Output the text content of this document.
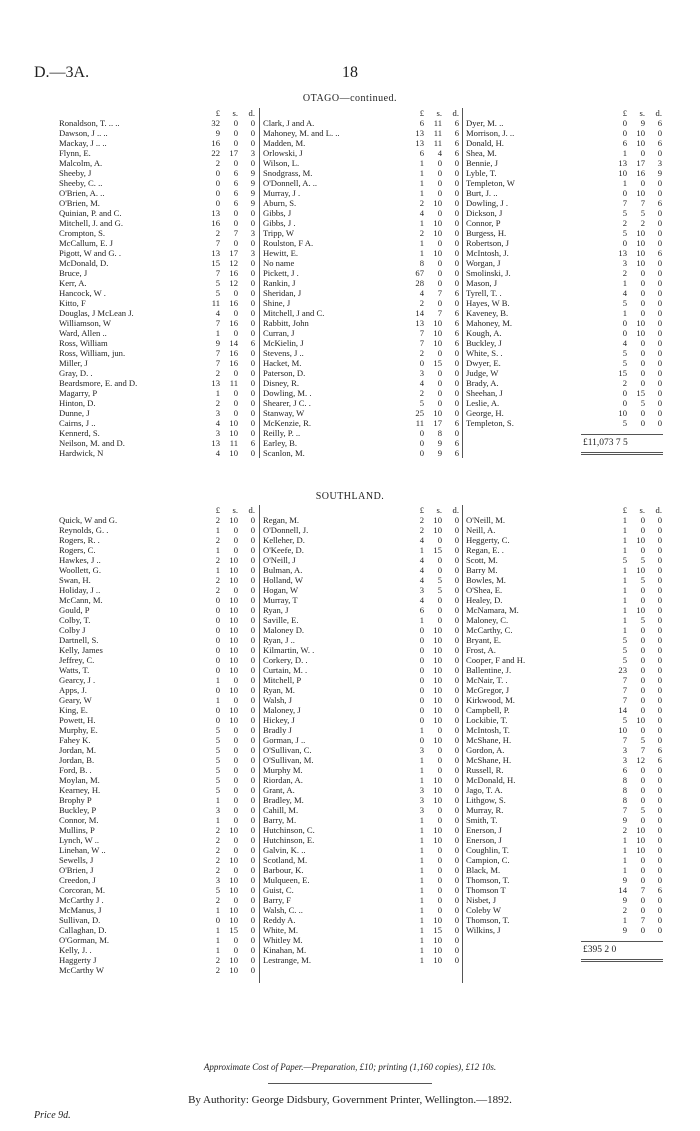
D.—3A.	18
OTAGO—continued.
£	s.	d.
Ronaldson, T. .. ..	32	0	0
Dawson, J .. ..	9	0	0
Mackay, J .. ..	16	0	0
Flynn, E.	22	17	3
Malcolm, A.	2	0	0
Sheeby, J	0	6	9
Sheeby, C. ..	0	6	9
O'Brien, A. ..	0	6	9
O'Brien, M.	0	6	9
Quinian, P. and C.	13	0	0
Mitchell, J. and G.	16	0	0
Crompton, S.	2	7	3
McCallum, E. J	7	0	0
Pigott, W and G. .	13	17	3
McDonald, D.	15	12	0
Bruce, J	7	16	0
Kerr, A.	5	12	0
Hancock, W .	5	0	0
Kitto, F	11	16	0
Douglas, J McLean J.	4	0	0
Williamson, W	7	16	0
Ward, Allen ..	1	0	0
Ross, William	9	14	6
Ross, William, jun.	7	16	0
Miller, J	7	16	0
Gray, D. .	2	0	0
Beardsmore, E. and D.	13	11	0
Magarry, P	1	0	0
Hinton, D.	2	0	0
Dunne, J	3	0	0
Cairns, J ..	4	10	0
Kennerd, S.	3	10	0
Neilson, M. and D.	13	11	6
Hardwick, N	4	10	0
£	s.	d.
Clark, J and A.	6	11	6
Mahoney, M. and L. ..	13	11	6
Madden, M.	13	11	6
Orlowski, J	6	4	6
Wilson, L.	1	0	0
Snodgrass, M.	1	0	0
O'Donnell, A. ..	1	0	0
Murray, J .	1	0	0
Aburn, S.	2	10	0
Gibbs, J	4	0	0
Gibbs, J .	1	10	0
Tripp, W	2	10	0
Roulston, F A.	1	0	0
Hewitt, E.	1	10	0
No name	8	0	0
Pickett, J .	67	0	0
Rankin, J	28	0	0
Sheridan, J	4	7	6
Shine, J	2	0	0
Mitchell, J and C.	14	7	6
Rabbitt, John	13	10	6
Curran, J	7	10	6
McKielin, J	7	10	6
Stevens, J ..	2	0	0
Hacket, M.	0	15	0
Paterson, D.	3	0	0
Disney, R.	4	0	0
Dowling, M. .	2	0	0
Shearer, J C. .	5	0	0
Stanway, W	25	10	0
McKenzie, R.	11	17	6
Reilly, P. ..	0	8	0
Earley, B.	0	9	6
Scanlon, M.	0	9	6
£	s.	d.
Dyer, M. ..	0	9	6
Morrison, J. ..	0	10	0
Donald, H.	6	10	6
Shea, M.	1	0	0
Bennie, J	13	17	3
Lyble, T.	10	16	9
Templeton, W	1	0	0
Burt, J. ..	0	10	0
Dowling, J .	7	7	6
Dickson, J	5	5	0
Connor, P	2	2	0
Burgess, H.	5	10	0
Robertson, J	0	10	0
McIntosh, J.	13	10	6
Worgan, J	3	10	0
Smolinski, J.	2	0	0
Mason, J	1	0	0
Tyrell, T. .	4	0	0
Hayes, W B.	5	0	0
Kaveney, B.	1	0	0
Mahoney, M.	0	10	0
Kough, A.	0	10	0
Buckley, J	4	0	0
White, S. .	5	0	0
Dwyer, E.	5	0	0
Judge, W	15	0	0
Brady, A.	2	0	0
Sheehan, J	0	15	0
Leslie, A.	0	5	0
George, H.	10	0	0
Templeton, S.	5	0	0
£11,073 7 5
SOUTHLAND.
£	s.	d.
Quick, W and G.	2	10	0
Reynolds, G. .	1	0	0
Rogers, R. .	2	0	0
Rogers, C.	1	0	0
Hawkes, J ..	2	10	0
Woollett, G.	1	10	0
Swan, H.	2	10	0
Holiday, J ..	2	0	0
McCann, M.	0	10	0
Gould, P	0	10	0
Colby, T.	0	10	0
Colby J	0	10	0
Dartnell, S.	0	10	0
Kelly, James	0	10	0
Jeffrey, C.	0	10	0
Watts, T.	0	10	0
Gearcy, J .	1	0	0
Apps, J.	0	10	0
Geary, W	1	0	0
King, E.	0	10	0
Powett, H.	0	10	0
Murphy, E.	5	0	0
Fahey K.	5	0	0
Jordan, M.	5	0	0
Jordan, B.	5	0	0
Ford, B. .	5	0	0
Moylan, M.	5	0	0
Kearney, H.	5	0	0
Brophy P	1	0	0
Buckley, P	3	0	0
Connor, M.	1	0	0
Mullins, P	2	10	0
Lynch, W ..	2	0	0
Linehan, W ..	2	0	0
Sewells, J	2	10	0
O'Brien, J	2	0	0
Creedon, J	3	10	0
Corcoran, M.	5	10	0
McCarthy J .	2	0	0
McManus, J	1	10	0
Sullivan, D.	0	10	0
Callaghan, D.	1	15	0
O'Gorman, M.	1	0	0
Kelly, J. .	1	0	0
Haggerty J	2	10	0
McCarthy W	2	10	0
£	s.	d.
Regan, M.	2	10	0
O'Donnell, J.	2	10	0
Kelleher, D.	4	0	0
O'Keefe, D.	1	15	0
O'Neill, J	4	0	0
Bulman, A.	4	0	0
Holland, W	4	5	0
Hogan, W	3	5	0
Murray, T	4	0	0
Ryan, J	6	0	0
Saville, E.	1	0	0
Maloney D.	0	10	0
Ryan, J ..	0	10	0
Kilmartin, W. .	0	10	0
Corkery, D. .	0	10	0
Curtain, M. .	0	10	0
Mitchell, P	0	10	0
Ryan, M.	0	10	0
Walsh, J	0	10	0
Maloney, J	0	10	0
Hickey, J	0	10	0
Bradly J	1	0	0
Gorman, J ..	0	10	0
O'Sullivan, C.	3	0	0
O'Sullivan, M.	1	0	0
Murphy M.	1	0	0
Riordan, A.	1	10	0
Grant, A.	3	10	0
Bradley, M.	3	10	0
Cahill, M.	3	0	0
Barry, M.	1	0	0
Hutchinson, C.	1	10	0
Hutchinson, E.	1	10	0
Galvin, K. ..	1	0	0
Scotland, M.	1	0	0
Barbour, K.	1	0	0
Mulqueen, E.	1	0	0
Guist, C.	1	0	0
Barry, F	1	0	0
Walsh, C. ..	1	0	0
Reddy A.	1	10	0
White, M.	1	15	0
Whitley M.	1	10	0
Kinahan, M.	1	10	0
Lestrange, M.	1	10	0
£	s.	d.
O'Neill, M.	1	0	0
Neill, A.	1	0	0
Heggerty, C.	1	10	0
Regan, E. .	1	0	0
Scott, M.	5	5	0
Barry M.	1	10	0
Bowles, M.	1	5	0
O'Shea, E.	1	0	0
Healey, D.	1	0	0
McNamara, M.	1	10	0
Maloney, C.	1	5	0
McCarthy, C.	1	0	0
Bryant, E.	5	0	0
Frost, A.	5	0	0
Cooper, F and H.	5	0	0
Ballentine, J.	23	0	0
McNair, T. .	7	0	0
McGregor, J	7	0	0
Kirkwood, M.	7	0	0
Campbell, P.	14	0	0
Lockibie, T.	5	10	0
McIntosh, T.	10	0	0
McShane, H.	7	5	0
Gordon, A.	3	7	6
McShane, H.	3	12	6
Russell, R.	6	0	0
McDonald, H.	8	0	0
Jago, T. A.	8	0	0
Lithgow, S.	8	0	0
Murray, R.	7	5	0
Smith, T.	9	0	0
Enerson, J	2	10	0
Enerson, J	1	10	0
Coughlin, T.	1	10	0
Campion, C.	1	0	0
Black, M.	1	0	0
Thomson, T.	9	0	0
Thomson T	14	7	6
Nisbet, J	9	0	0
Coleby W	2	0	0
Thomson, T.	1	7	0
Wilkins, J	9	0	0
£395 2 0
Approximate Cost of Paper.—Preparation, £10; printing (1,160 copies), £12 10s.
By Authority: George Didsbury, Government Printer, Wellington.—1892.
Price 9d.
